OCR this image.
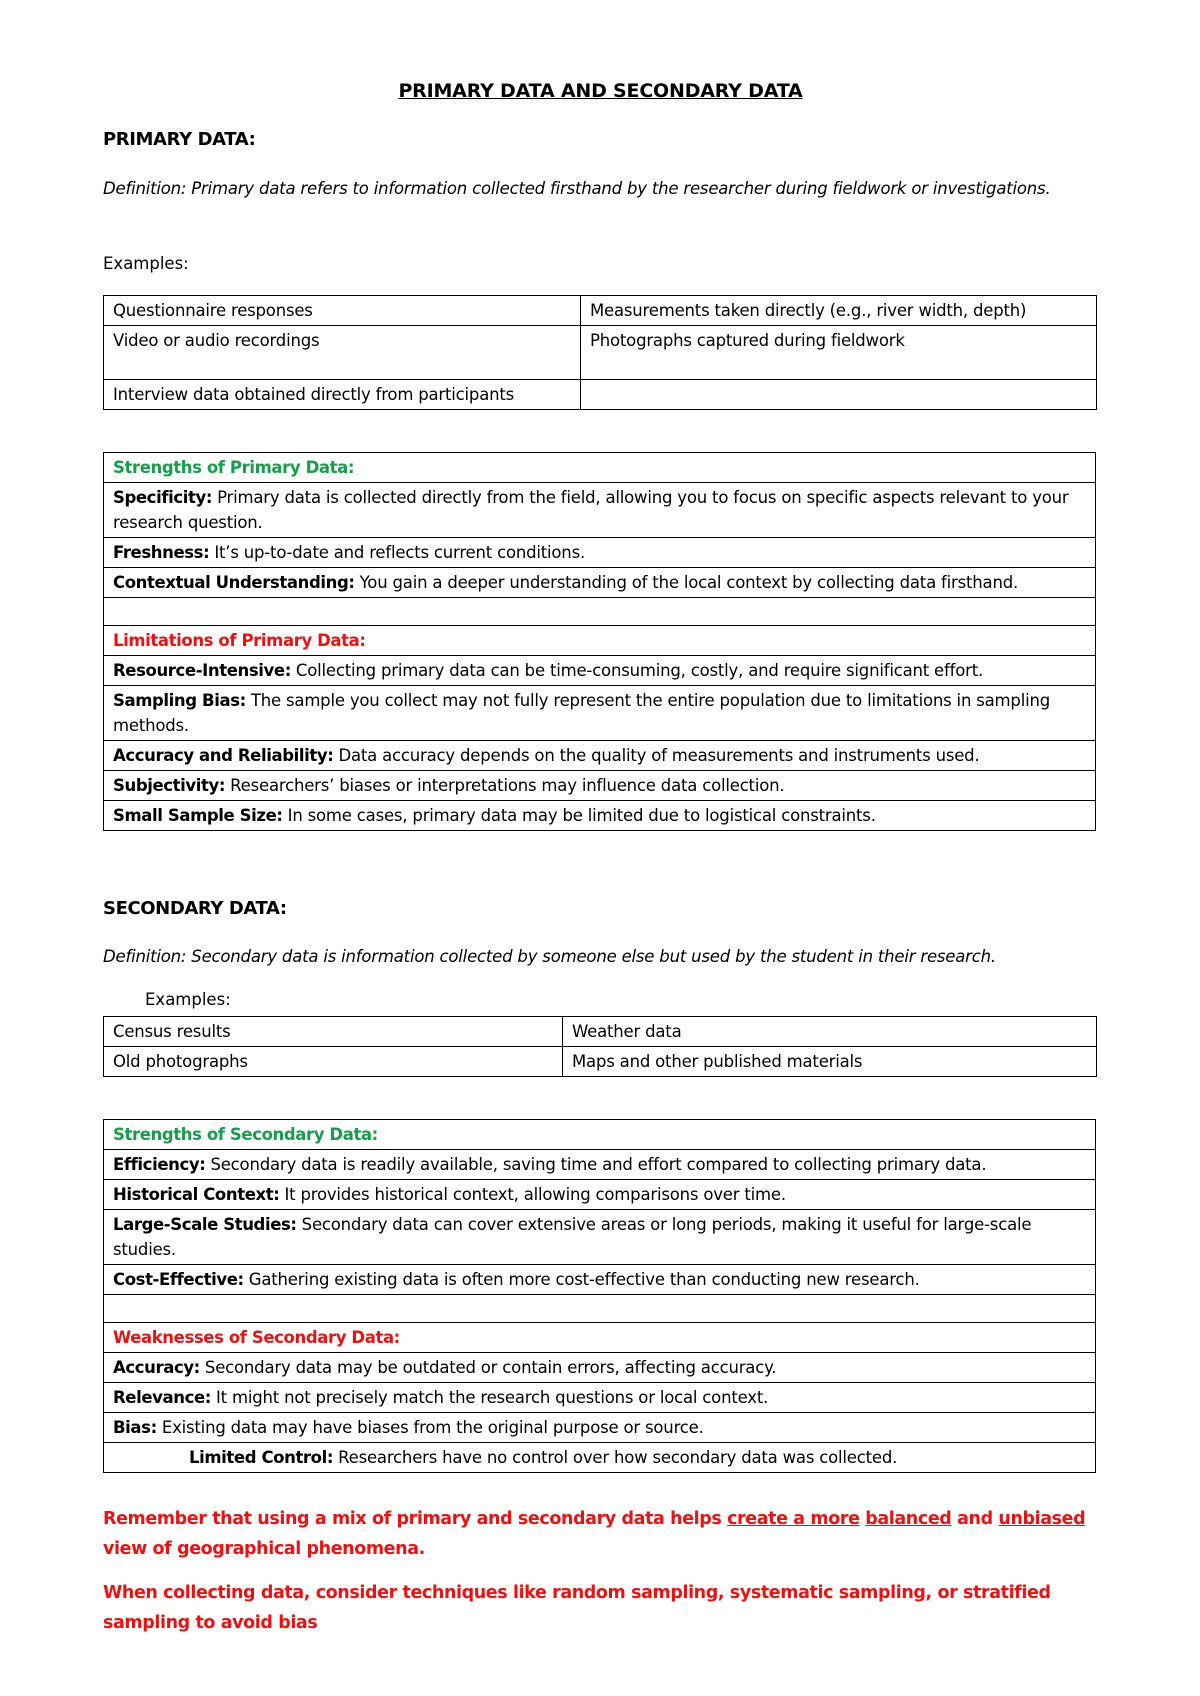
PRIMARY DATA AND SECONDARY DATA
PRIMARY DATA:
Definition: Primary data refers to information collected firsthand by the researcher during fieldwork or investigations.
Examples:
Questionnaire responses	Measurements taken directly (e.g., river width, depth)
Video or audio recordings	Photographs captured during fieldwork
Interview data obtained directly from participants	
Strengths of Primary Data:
Specificity: Primary data is collected directly from the field, allowing you to focus on specific aspects relevant to your research question.
Freshness: It’s up-to-date and reflects current conditions.
Contextual Understanding: You gain a deeper understanding of the local context by collecting data firsthand.

Limitations of Primary Data:
Resource-Intensive: Collecting primary data can be time-consuming, costly, and require significant effort.
Sampling Bias: The sample you collect may not fully represent the entire population due to limitations in sampling methods.
Accuracy and Reliability: Data accuracy depends on the quality of measurements and instruments used.
Subjectivity: Researchers’ biases or interpretations may influence data collection.
Small Sample Size: In some cases, primary data may be limited due to logistical constraints.
SECONDARY DATA:
Definition: Secondary data is information collected by someone else but used by the student in their research.
Examples:
Census results	Weather data
Old photographs	Maps and other published materials
Strengths of Secondary Data:
Efficiency: Secondary data is readily available, saving time and effort compared to collecting primary data.
Historical Context: It provides historical context, allowing comparisons over time.
Large-Scale Studies: Secondary data can cover extensive areas or long periods, making it useful for large-scale studies.
Cost-Effective: Gathering existing data is often more cost-effective than conducting new research.

Weaknesses of Secondary Data:
Accuracy: Secondary data may be outdated or contain errors, affecting accuracy.
Relevance: It might not precisely match the research questions or local context.
Bias: Existing data may have biases from the original purpose or source.
Limited Control: Researchers have no control over how secondary data was collected.
Remember that using a mix of primary and secondary data helps create a more balanced and unbiased view of geographical phenomena.
When collecting data, consider techniques like random sampling, systematic sampling, or stratified sampling to avoid bias
